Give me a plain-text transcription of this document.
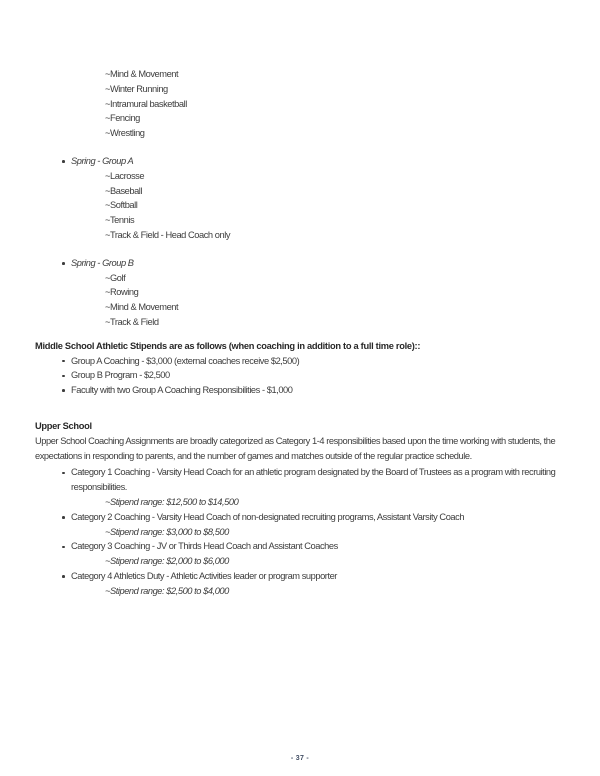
~Mind & Movement
~Winter Running
~Intramural basketball
~Fencing
~Wrestling
Spring - Group A
~Lacrosse
~Baseball
~Softball
~Tennis
~Track & Field - Head Coach only
Spring - Group B
~Golf
~Rowing
~Mind & Movement
~Track & Field
Middle School Athletic Stipends are as follows (when coaching in addition to a full time role)::
Group A Coaching - $3,000 (external coaches receive $2,500)
Group B Program - $2,500
Faculty with two Group A Coaching Responsibilities - $1,000
Upper School
Upper School Coaching Assignments are broadly categorized as Category 1-4 responsibilities based upon the time working with students, the
expectations in responding to parents, and the number of games and matches outside of the regular practice schedule.
Category 1 Coaching - Varsity Head Coach for an athletic program designated by the Board of Trustees as a program with recruiting
responsibilities.
~Stipend range: $12,500 to $14,500
Category 2 Coaching - Varsity Head Coach of non-designated recruiting programs, Assistant Varsity Coach
~Stipend range: $3,000 to $8,500
Category 3 Coaching - JV or Thirds Head Coach and Assistant Coaches
~Stipend range: $2,000 to $6,000
Category 4 Athletics Duty - Athletic Activities leader or program supporter
~Stipend range: $2,500 to $4,000
- 37 -
